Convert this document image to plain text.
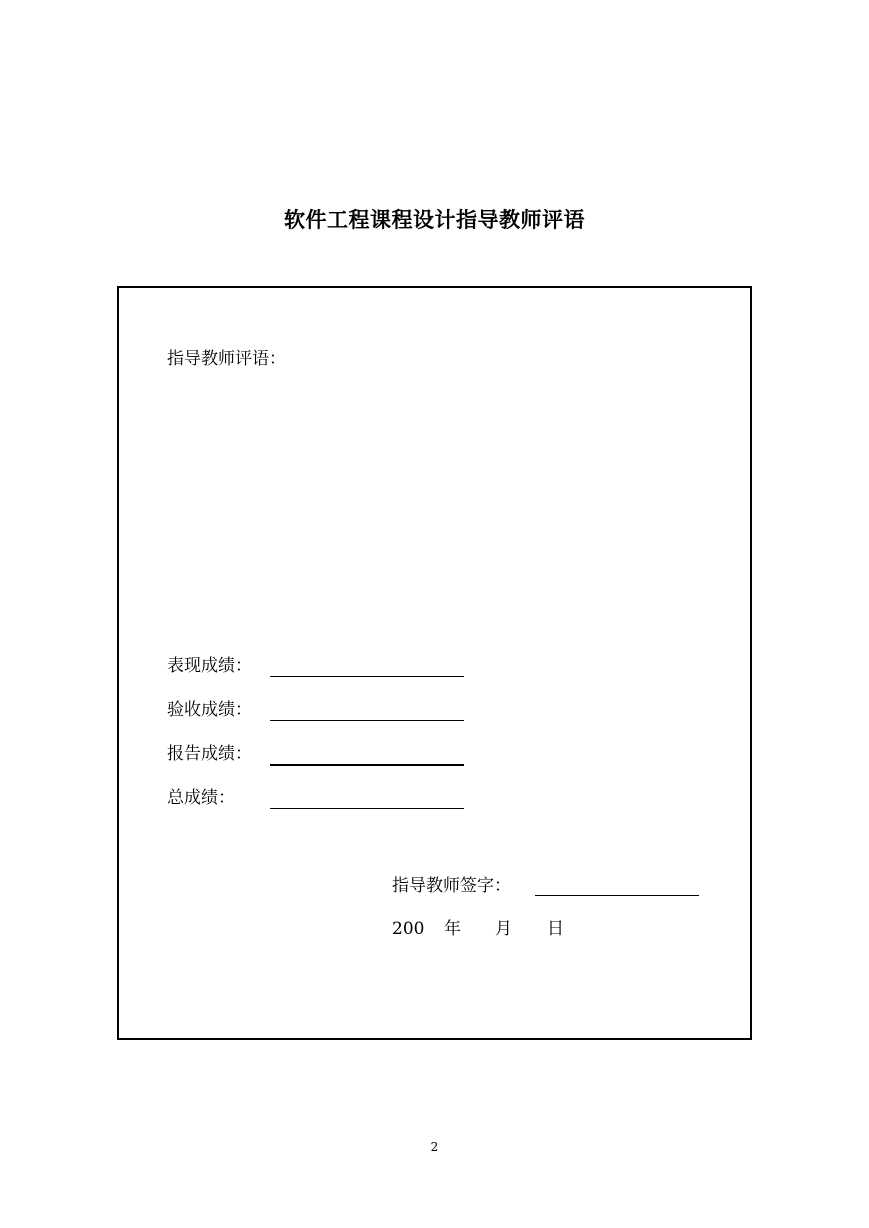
软件工程课程设计指导教师评语
指导教师评语：
表现成绩：
验收成绩：
报告成绩：
总成绩：
指导教师签字：
200 年 月 日
2
